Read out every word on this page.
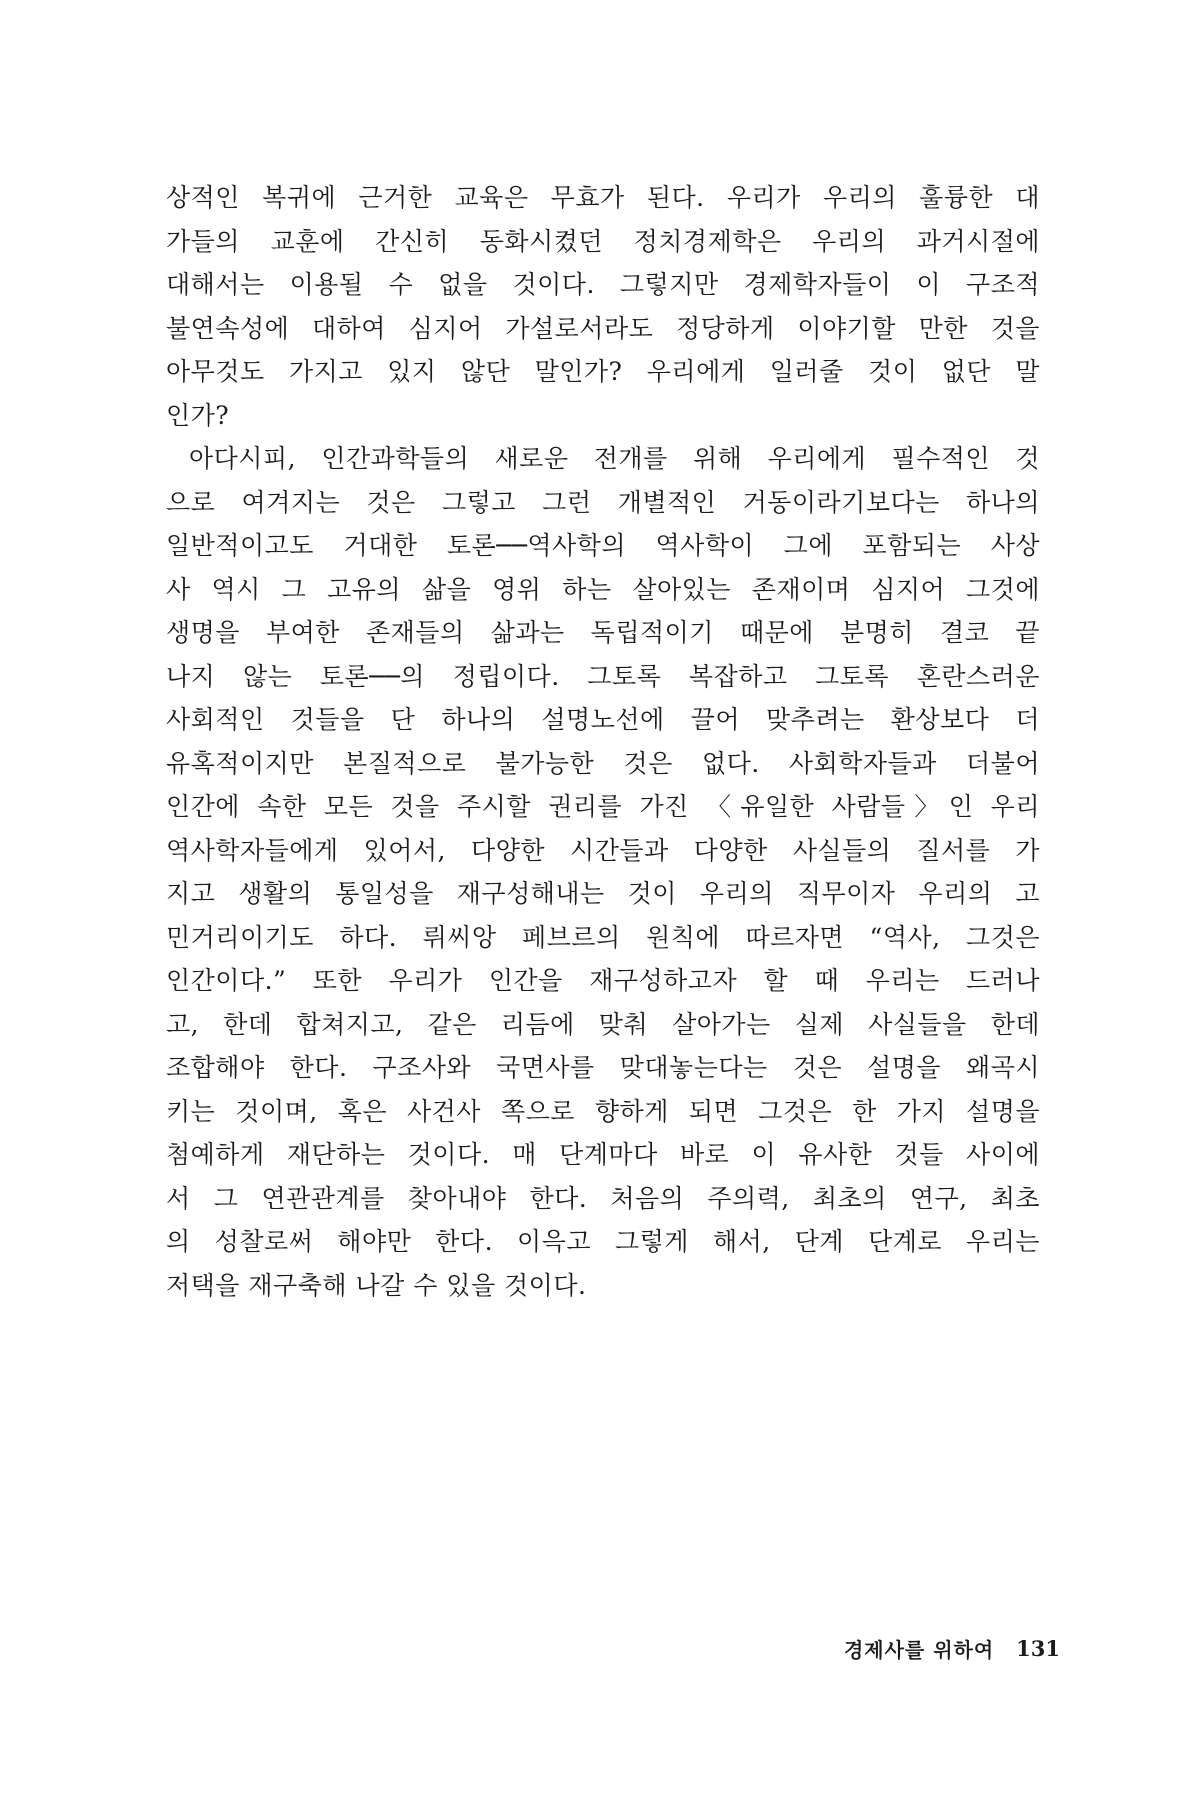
상적인 복귀에 근거한 교육은 무효가 된다. 우리가 우리의 훌륭한 대
가들의 교훈에 간신히 동화시켰던 정치경제학은 우리의 과거시절에
대해서는 이용될 수 없을 것이다. 그렇지만 경제학자들이 이 구조적
불연속성에 대하여 심지어 가설로서라도 정당하게 이야기할 만한 것을
아무것도 가지고 있지 않단 말인가? 우리에게 일러줄 것이 없단 말
인가?
아다시피, 인간과학들의 새로운 전개를 위해 우리에게 필수적인 것
으로 여겨지는 것은 그렇고 그런 개별적인 거동이라기보다는 하나의
일반적이고도 거대한 토론──역사학의 역사학이 그에 포함되는 사상
사 역시 그 고유의 삶을 영위 하는 살아있는 존재이며 심지어 그것에
생명을 부여한 존재들의 삶과는 독립적이기 때문에 분명히 결코 끝
나지 않는 토론──의 정립이다. 그토록 복잡하고 그토록 혼란스러운
사회적인 것들을 단 하나의 설명노선에 끌어 맞추려는 환상보다 더
유혹적이지만 본질적으로 불가능한 것은 없다. 사회학자들과 더불어
인간에 속한 모든 것을 주시할 권리를 가진 〈유일한 사람들〉인 우리
역사학자들에게 있어서, 다양한 시간들과 다양한 사실들의 질서를 가
지고 생활의 통일성을 재구성해내는 것이 우리의 직무이자 우리의 고
민거리이기도 하다. 뤼씨앙 페브르의 원칙에 따르자면 “역사, 그것은
인간이다.” 또한 우리가 인간을 재구성하고자 할 때 우리는 드러나
고, 한데 합쳐지고, 같은 리듬에 맞춰 살아가는 실제 사실들을 한데
조합해야 한다. 구조사와 국면사를 맞대놓는다는 것은 설명을 왜곡시
키는 것이며, 혹은 사건사 쪽으로 향하게 되면 그것은 한 가지 설명을
첨예하게 재단하는 것이다. 매 단계마다 바로 이 유사한 것들 사이에
서 그 연관관계를 찾아내야 한다. 처음의 주의력, 최초의 연구, 최초
의 성찰로써 해야만 한다. 이윽고 그렇게 해서, 단계 단계로 우리는
저택을 재구축해 나갈 수 있을 것이다.
경제사를 위하여 131
